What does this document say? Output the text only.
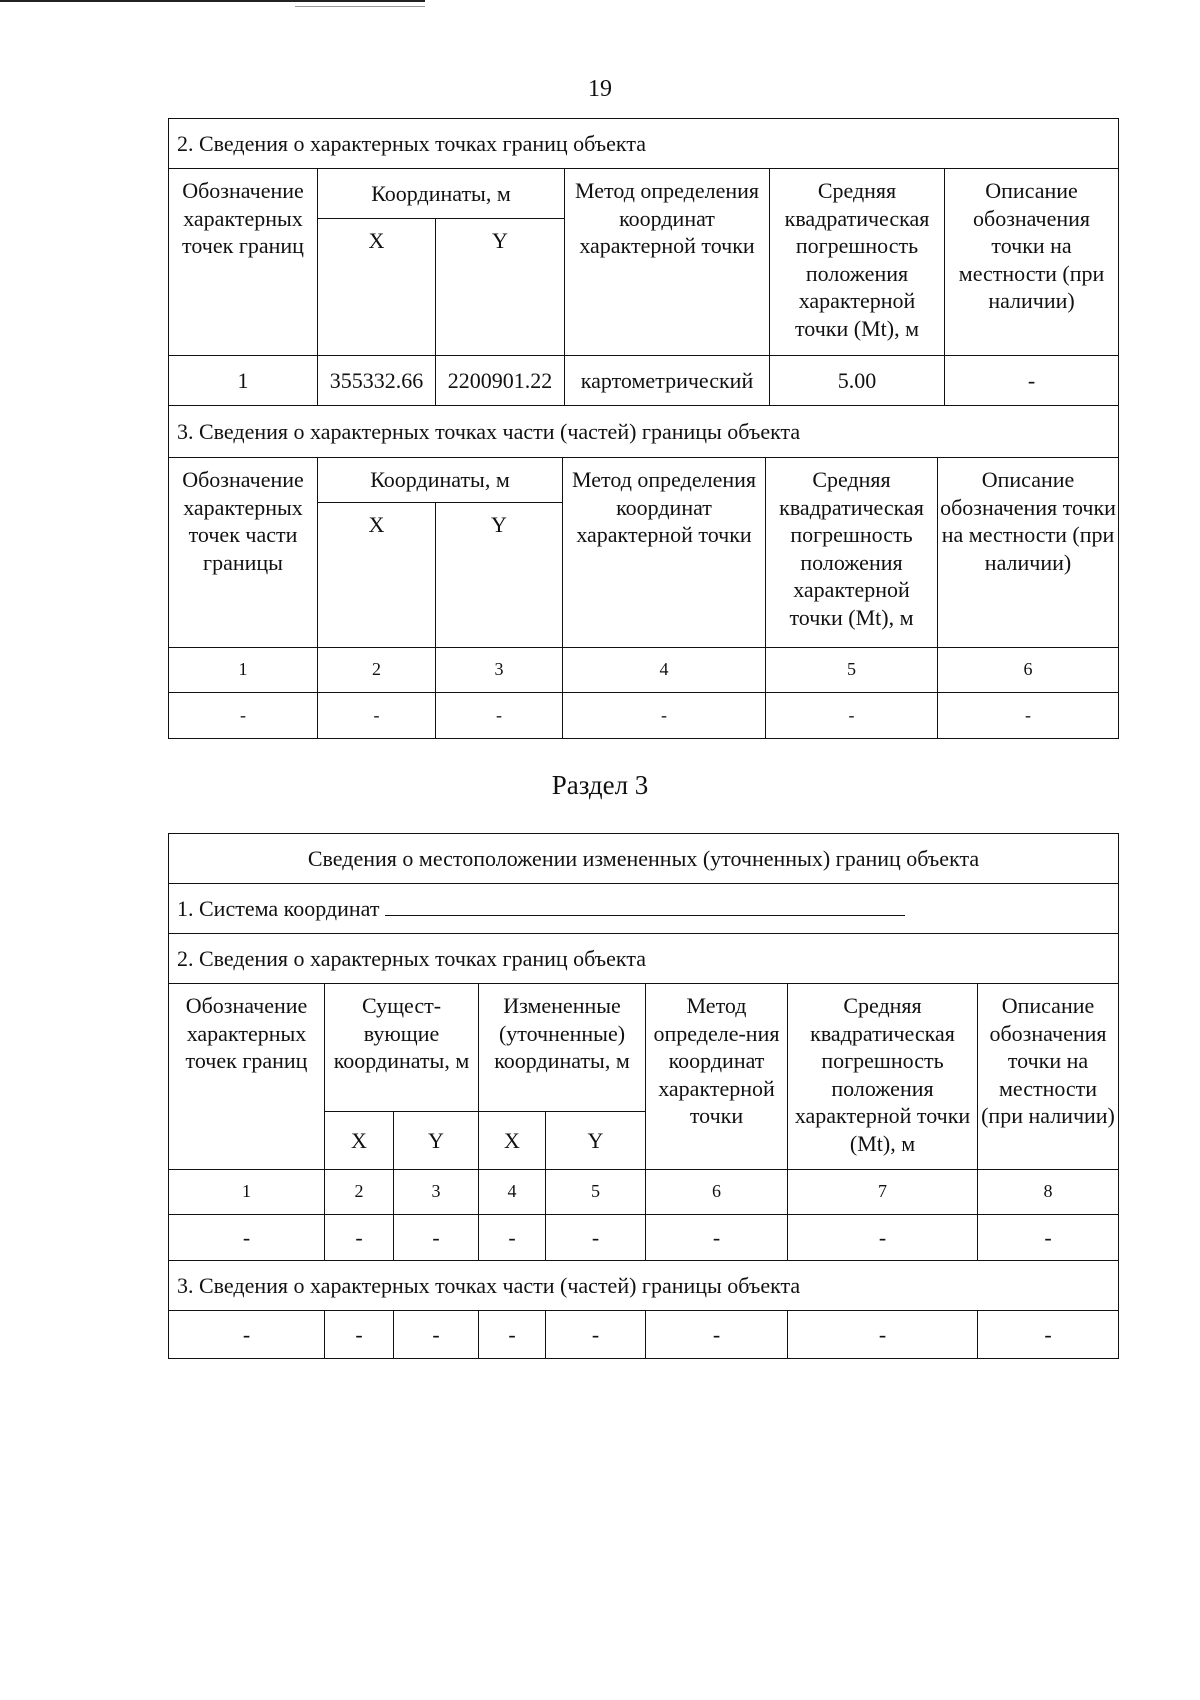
19
2. Сведения о характерных точках границ объекта					
Обозначение характерных точек границ	Координаты, м		Метод определения координат характерной точки	Средняя квадратическая погрешность положения характерной точки (Mt), м	Описание обозначения точки на местности (при наличии)
	X	Y			
1	355332.66	2200901.22	картометрический	5.00	-
3. Сведения о характерных точках части (частей) границы объекта					
Обозначение характерных точек части границы	Координаты, м		Метод определения координат характерной точки	Средняя квадратическая погрешность положения характерной точки (Mt), м	Описание обозначения точки на местности (при наличии)
	X	Y			
1	2	3	4	5	6
-	-	-	-	-	-
Раздел 3
Сведения о местоположении измененных (уточненных) границ объекта							
1. Система координат							
2. Сведения о характерных точках границ объекта							
Обозначение характерных точек границ	Сущест-вующие координаты, м		Измененные (уточненные) координаты, м		Метод определе-ния координат характерной точки	Средняя квадратическая погрешность положения характерной точки (Mt), м	Описание обозначения точки на местности (при наличии)
	X	Y	X	Y			
1	2	3	4	5	6	7	8
-	-	-	-	-	-	-	-
3. Сведения о характерных точках части (частей) границы объекта							
-	-	-	-	-	-	-	-
